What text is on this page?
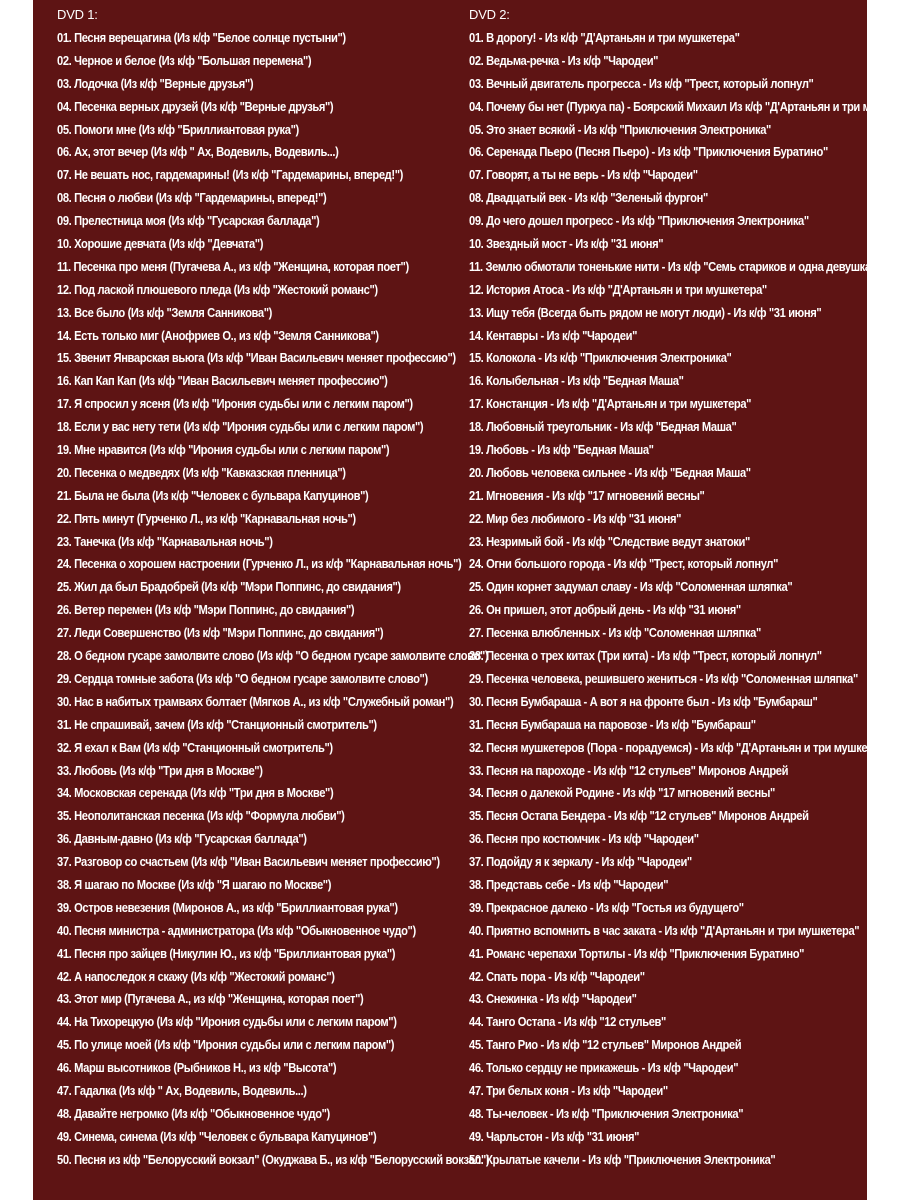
DVD 1:
01. Песня верещагина (Из к/ф "Белое солнце пустыни")
02. Черное и белое (Из к/ф "Большая перемена")
03. Лодочка (Из к/ф "Верные друзья")
04. Песенка верных друзей (Из к/ф "Верные друзья")
05. Помоги мне (Из к/ф "Бриллиантовая рука")
06. Ах, этот вечер (Из к/ф " Ах, Водевиль, Водевиль...)
07. Не вешать нос, гардемарины! (Из к/ф "Гардемарины, вперед!")
08. Песня о любви (Из к/ф "Гардемарины, вперед!")
09. Прелестница моя (Из к/ф "Гусарская баллада")
10. Хорошие девчата (Из к/ф "Девчата")
11. Песенка про меня (Пугачева А., из к/ф "Женщина, которая поет")
12. Под лаской плюшевого пледа (Из к/ф "Жестокий романс")
13. Все было (Из к/ф "Земля Санникова")
14. Есть только миг (Анофриев О., из к/ф "Земля Санникова")
15. Звенит Январская вьюга (Из к/ф "Иван Васильевич меняет профессию")
16. Кап Кап Кап (Из к/ф "Иван Васильевич меняет профессию")
17. Я спросил у ясеня (Из к/ф "Ирония судьбы или с легким паром")
18. Если у вас нету тети (Из к/ф "Ирония судьбы или с легким паром")
19. Мне нравится (Из к/ф "Ирония судьбы или с легким паром")
20. Песенка о медведях (Из к/ф "Кавказская пленница")
21. Была не была (Из к/ф "Человек с бульвара Капуцинов")
22. Пять минут (Гурченко Л., из к/ф "Карнавальная ночь")
23. Танечка (Из к/ф "Карнавальная ночь")
24. Песенка о хорошем настроении (Гурченко Л., из к/ф "Карнавальная ночь")
25. Жил да был Брадобрей (Из к/ф "Мэри Поппинс, до свидания")
26. Ветер перемен (Из к/ф "Мэри Поппинс, до свидания")
27. Леди Совершенство (Из к/ф "Мэри Поппинс, до свидания")
28. О бедном гусаре замолвите слово (Из к/ф "О бедном гусаре замолвите слово")
29. Сердца томные забота (Из к/ф "О бедном гусаре замолвите слово")
30. Нас в набитых трамваях болтает (Мягков А., из к/ф "Служебный роман")
31. Не спрашивай, зачем (Из к/ф "Станционный смотритель")
32. Я ехал к Вам (Из к/ф "Станционный смотритель")
33. Любовь (Из к/ф "Три дня в Москве")
34. Московская серенада (Из к/ф "Три дня в Москве")
35. Неополитанская песенка (Из к/ф "Формула любви")
36. Давным-давно (Из к/ф "Гусарская баллада")
37. Разговор со счастьем (Из к/ф "Иван Васильевич меняет профессию")
38. Я шагаю по Москве (Из к/ф "Я шагаю по Москве")
39. Остров невезения (Миронов А., из к/ф "Бриллиантовая рука")
40. Песня министра - администратора (Из к/ф "Обыкновенное чудо")
41. Песня про зайцев (Никулин Ю., из к/ф "Бриллиантовая рука")
42. А напоследок я скажу (Из к/ф "Жестокий романс")
43. Этот мир (Пугачева А., из к/ф "Женщина, которая поет")
44. На Тихорецкую (Из к/ф "Ирония судьбы или с легким паром")
45. По улице моей (Из к/ф "Ирония судьбы или с легким паром")
46. Марш высотников (Рыбников Н., из к/ф "Высота")
47. Гадалка (Из к/ф " Ах, Водевиль, Водевиль...)
48. Давайте негромко (Из к/ф "Обыкновенное чудо")
49. Синема, синема (Из к/ф "Человек с бульвара Капуцинов")
50. Песня из к/ф "Белорусский вокзал" (Окуджава Б., из к/ф "Белорусский вокзал")
DVD 2:
01. В дорогу! - Из к/ф "Д'Артаньян и три мушкетера"
02. Ведьма-речка - Из к/ф "Чародеи"
03. Вечный двигатель прогресса - Из к/ф "Трест, который лопнул"
04. Почему бы нет (Пуркуа па) - Боярский Михаил Из к/ф "Д'Артаньян и три мушкетера"
05. Это знает всякий - Из к/ф "Приключения Электроника"
06. Серенада Пьеро (Песня Пьеро) - Из к/ф "Приключения Буратино"
07. Говорят, а ты не верь - Из к/ф "Чародеи"
08. Двадцатый век - Из к/ф "Зеленый фургон"
09. До чего дошел прогресс - Из к/ф "Приключения Электроника"
10. Звездный мост - Из к/ф "31 июня"
11. Землю обмотали тоненькие нити - Из к/ф "Семь стариков и одна девушка"
12. История Атоса - Из к/ф "Д'Артаньян и три мушкетера"
13. Ищу тебя (Всегда быть рядом не могут люди) - Из к/ф "31 июня"
14. Кентавры - Из к/ф "Чародеи"
15. Колокола - Из к/ф "Приключения Электроника"
16. Колыбельная - Из к/ф "Бедная Маша"
17. Констанция - Из к/ф "Д'Артаньян и три мушкетера"
18. Любовный треугольник - Из к/ф "Бедная Маша"
19. Любовь - Из к/ф "Бедная Маша"
20. Любовь человека сильнее - Из к/ф "Бедная Маша"
21. Мгновения - Из к/ф "17 мгновений весны"
22. Мир без любимого - Из к/ф "31 июня"
23. Незримый бой - Из к/ф "Следствие ведут знатоки"
24. Огни большого города - Из к/ф "Трест, который лопнул"
25. Один корнет задумал славу - Из к/ф "Соломенная шляпка"
26. Он пришел, этот добрый день - Из к/ф "31 июня"
27. Песенка влюбленных - Из к/ф "Соломенная шляпка"
28. Песенка о трех китах (Три кита) - Из к/ф "Трест, который лопнул"
29. Песенка человека, решившего жениться - Из к/ф "Соломенная шляпка"
30. Песня Бумбараша - А вот я на фронте был - Из к/ф "Бумбараш"
31. Песня Бумбараша на паровозе - Из к/ф "Бумбараш"
32. Песня мушкетеров (Пора - порадуемся) - Из к/ф "Д'Артаньян и три мушкетера"
33. Песня на пароходе - Из к/ф "12 стульев" Миронов Андрей
34. Песня о далекой Родине - Из к/ф "17 мгновений весны"
35. Песня Остапа Бендера - Из к/ф "12 стульев" Миронов Андрей
36. Песня про костюмчик - Из к/ф "Чародеи"
37. Подойду я к зеркалу - Из к/ф "Чародеи"
38. Представь себе - Из к/ф "Чародеи"
39. Прекрасное далеко - Из к/ф "Гостья из будущего"
40. Приятно вспомнить в час заката - Из к/ф "Д'Артаньян и три мушкетера"
41. Романс черепахи Тортилы - Из к/ф "Приключения Буратино"
42. Спать пора - Из к/ф "Чародеи"
43. Снежинка - Из к/ф "Чародеи"
44. Танго Остапа - Из к/ф "12 стульев"
45. Танго Рио - Из к/ф "12 стульев" Миронов Андрей
46. Только сердцу не прикажешь - Из к/ф "Чародеи"
47. Три белых коня - Из к/ф "Чародеи"
48. Ты-человек - Из к/ф "Приключения Электроника"
49. Чарльстон - Из к/ф "31 июня"
50. Крылатые качели - Из к/ф "Приключения Электроника"
